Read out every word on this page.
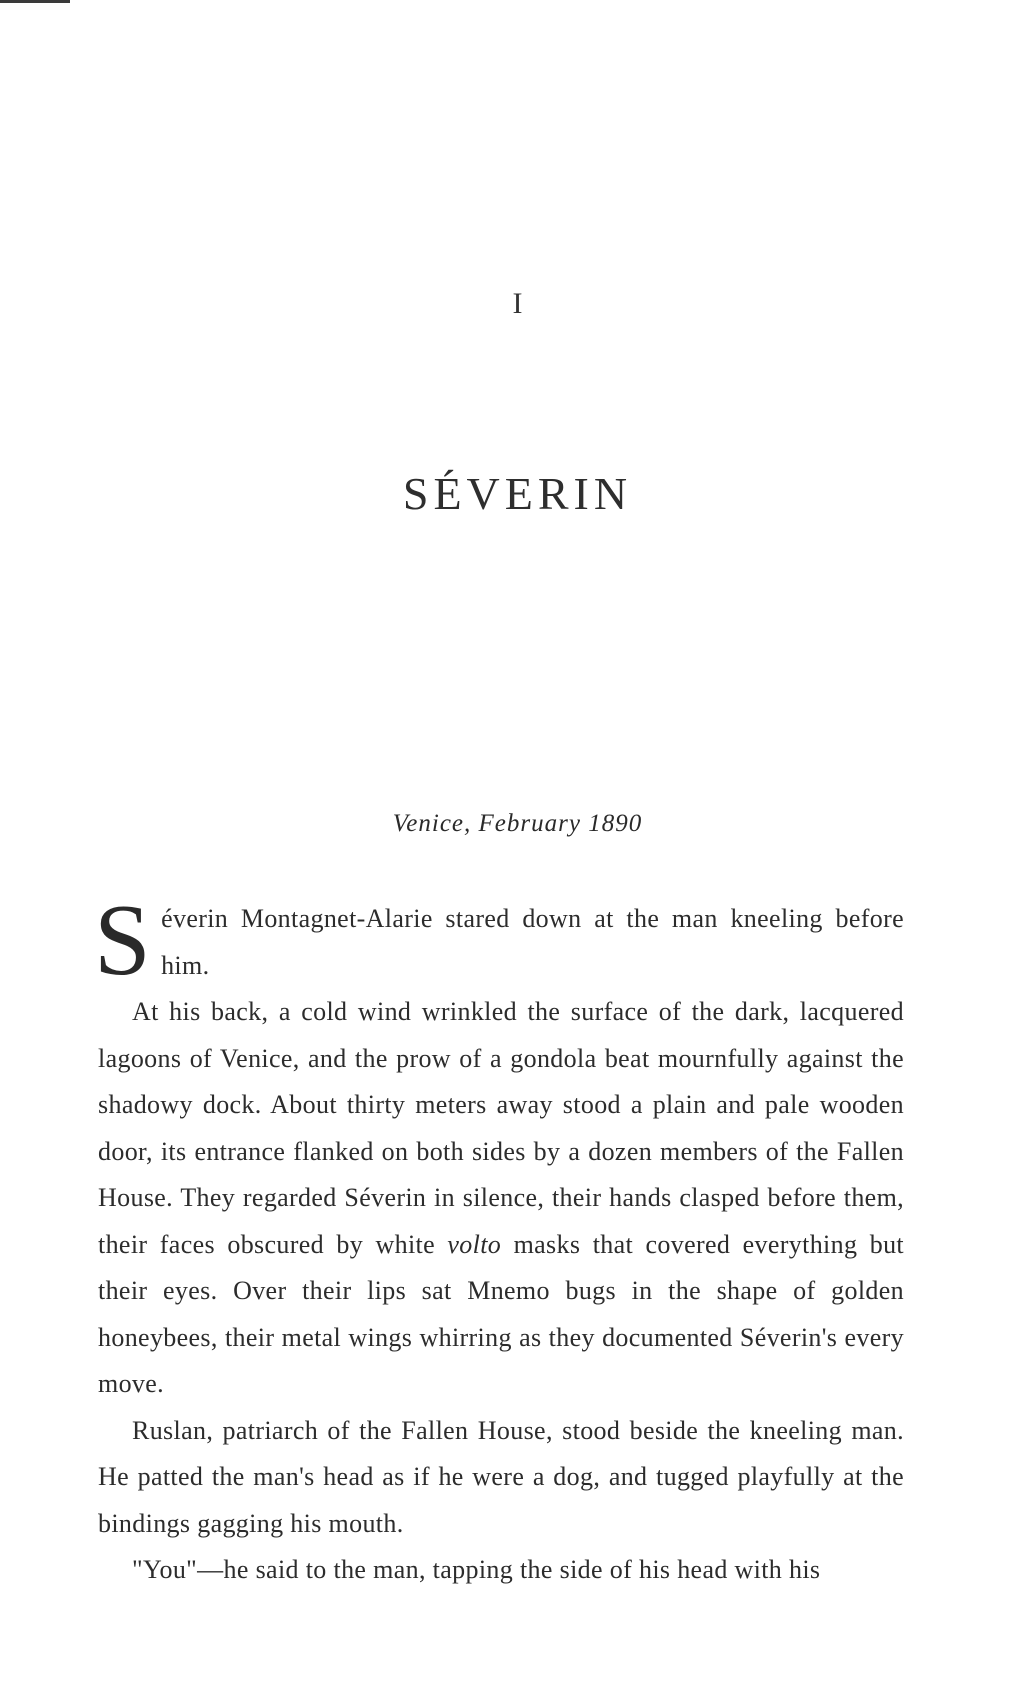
I
SÉVERIN
Venice, February 1890

Séverin Montagnet-Alarie stared down at the man kneeling before him.

At his back, a cold wind wrinkled the surface of the dark, lacquered lagoons of Venice, and the prow of a gondola beat mournfully against the shadowy dock. About thirty meters away stood a plain and pale wooden door, its entrance flanked on both sides by a dozen members of the Fallen House. They regarded Séverin in silence, their hands clasped before them, their faces obscured by white volto masks that covered everything but their eyes. Over their lips sat Mnemo bugs in the shape of golden honeybees, their metal wings whirring as they documented Séverin's every move.

Ruslan, patriarch of the Fallen House, stood beside the kneeling man. He patted the man's head as if he were a dog, and tugged playfully at the bindings gagging his mouth.

"You"—he said to the man, tapping the side of his head with his
